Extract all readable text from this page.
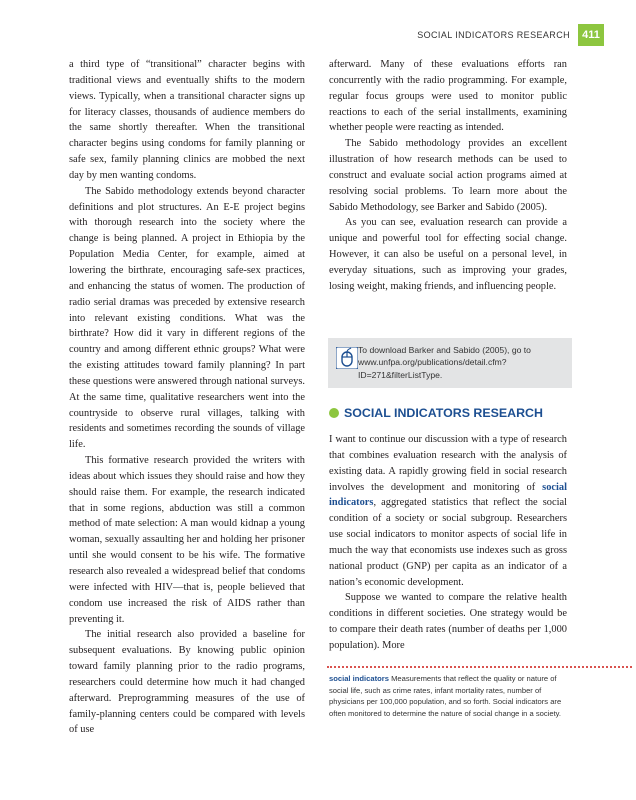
SOCIAL INDICATORS RESEARCH	411

a third type of “transitional” character begins with traditional views and eventually shifts to the modern views. Typically, when a transitional character signs up for literacy classes, thousands of audience members do the same shortly thereafter. When the transitional character begins using condoms for family planning or safe sex, family planning clinics are mobbed the next day by men wanting condoms.

The Sabido methodology extends beyond character definitions and plot structures. An E-E project begins with thorough research into the society where the change is being planned. A project in Ethiopia by the Population Media Center, for example, aimed at lowering the birthrate, encouraging safe-sex practices, and enhancing the status of women. The production of radio serial dramas was preceded by extensive research into relevant existing conditions. What was the birthrate? How did it vary in different regions of the country and among different ethnic groups? What were the existing attitudes toward family planning? In part these questions were answered through national surveys. At the same time, qualitative researchers went into the countryside to observe rural villages, talking with residents and sometimes recording the sounds of village life.

This formative research provided the writers with ideas about which issues they should raise and how they should raise them. For example, the research indicated that in some regions, abduction was still a common method of mate selection: A man would kidnap a young woman, sexually assaulting her and holding her prisoner until she would consent to be his wife. The formative research also revealed a widespread belief that condoms were infected with HIV—that is, people believed that condom use increased the risk of AIDS rather than preventing it.

The initial research also provided a baseline for subsequent evaluations. By knowing public opinion toward family planning prior to the radio programs, researchers could determine how much it had changed afterward. Preprogramming measures of the use of family-planning centers could be compared with levels of use

afterward. Many of these evaluations efforts ran concurrently with the radio programming. For example, regular focus groups were used to monitor public reactions to each of the serial installments, examining whether people were reacting as intended.

The Sabido methodology provides an excellent illustration of how research methods can be used to construct and evaluate social action programs aimed at resolving social problems. To learn more about the Sabido Methodology, see Barker and Sabido (2005).

As you can see, evaluation research can provide a unique and powerful tool for effecting social change. However, it can also be useful on a personal level, in everyday situations, such as improving your grades, losing weight, making friends, and influencing people.

To download Barker and Sabido (2005), go to www.unfpa.org/publications/detail.cfm?ID=271&filterListType.
SOCIAL INDICATORS RESEARCH

I want to continue our discussion with a type of research that combines evaluation research with the analysis of existing data. A rapidly growing field in social research involves the development and monitoring of social indicators, aggregated statistics that reflect the social condition of a society or social subgroup. Researchers use social indicators to monitor aspects of social life in much the way that economists use indexes such as gross national product (GNP) per capita as an indicator of a nation’s economic development.

Suppose we wanted to compare the relative health conditions in different societies. One strategy would be to compare their death rates (number of deaths per 1,000 population). More

social indicators Measurements that reflect the quality or nature of social life, such as crime rates, infant mortality rates, number of physicians per 100,000 population, and so forth. Social indicators are often monitored to determine the nature of social change in a society.
